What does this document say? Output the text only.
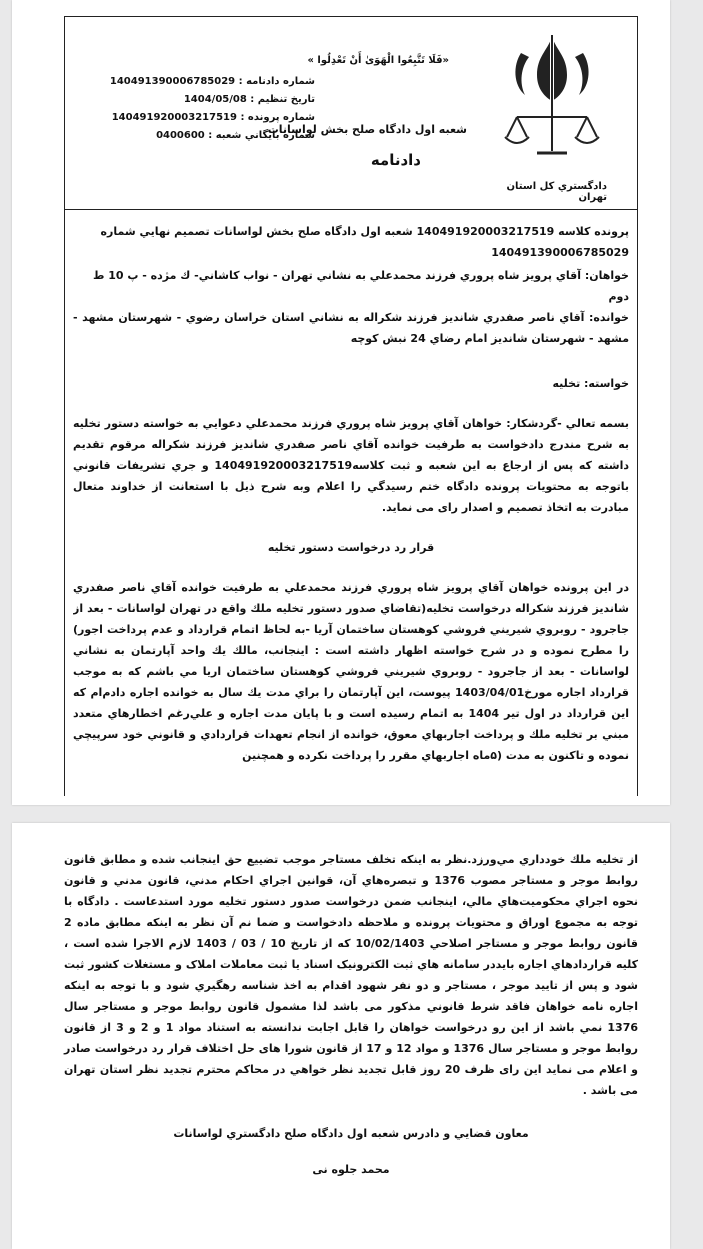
دادگستري کل استان تهران
«فَلَا تَتَّبِعُوا الْهَوَىٰ أَنْ تَعْدِلُوا »
شعبه اول دادگاه صلح بخش لواسانات
دادنامه
شماره دادنامه : 140491390006785029
تاريخ تنظيم : 1404/05/08
شماره پرونده : 140491920003217519
شماره بايگاني شعبه : 0400600
پرونده کلاسه 140491920003217519 شعبه اول دادگاه صلح بخش لواسانات تصميم نهايي شماره 140491390006785029
خواهان: آقاي پرويز شاه پروري فرزند محمدعلي به نشاني تهران - نواب کاشاني- ك مژده - پ 10 ط دوم
خوانده: آقاي ناصر صفدري شانديز فرزند شکراله به نشاني استان خراسان رضوي - شهرستان مشهد - مشهد - شهرستان شانديز امام رضاي 24 نبش کوچه
خواسته: تخليه
بسمه تعالي -گردشکار: خواهان آقاي پرويز شاه پروري فرزند محمدعلي دعوايي به خواسته دستور تخليه به شرح مندرج دادخواست به طرفيت خوانده آقاي ناصر صفدري شانديز فرزند شکراله مرقوم تقديم داشته که پس از ارجاع به اين شعبه و ثبت کلاسه140491920003217519 و جري تشريفات قانوني باتوجه به محتويات پرونده دادگاه ختم رسيدگي را اعلام وبه شرح ذيل با استعانت از خداوند متعال مبادرت به اتخاذ تصميم و اصدار راى مى نمايد.
قرار رد درخواست دستور تخليه
در اين پرونده خواهان آقاي پرويز شاه پروري فرزند محمدعلي به طرفيت خوانده آقاي ناصر صفدري شانديز فرزند شکراله درخواست تخليه(تقاضاي صدور دستور تخليه ملك واقع در تهران لواسانات - بعد از جاجرود - روبروي شيريني فروشي کوهستان ساختمان آريا -به لحاظ اتمام قرارداد و عدم پرداخت اجور) را مطرح نموده و در شرح خواسته اظهار داشته است : اينجانب، مالك يك واحد آپارتمان به نشاني لواسانات - بعد از جاجرود - روبروي شيريني فروشي كوهستان ساختمان اريا مي باشم كه به موجب قرارداد اجاره مورخ1403/04/01 پيوست، اين آپارتمان را براي مدت يك سال به خوانده اجاره دادم‌ام كه اين قرارداد در اول تير 1404 به اتمام رسيده است‌ و با پايان مدت اجاره و علي‌رغم اخطارهاي متعدد مبني بر تخليه ملك و پرداخت اجاربهاي معوق، خوانده از انجام تعهدات قراردادي و قانوني خود سرپيچي نموده و تاكنون به مدت (۵ماه اجاربهاي مقرر را پرداخت نكرده و همچنين
از تخليه ملك خودداري مي‌ورزد.نظر به اينكه تخلف مستاجر موجب تضييع حق اينجانب شده و مطابق قانون روابط موجر و مستاجر مصوب 1376 و تبصره‌هاي آن، قوانين اجراي احكام مدني، قانون مدني و قانون نحوه اجراي محكوميت‌هاي مالي، اينجانب ضمن درخواست صدور دستور تخليه مورد استدعاست . دادگاه با توجه به مجموع اوراق و محتويات پرونده و ملاحظه دادخواست و ضما نم آن نظر به اينکه مطابق ماده 2 قانون روابط موجر و مستاجر اصلاحي 10/02/1403 که از تاريخ 10 / 03 / 1403 لازم الاجرا شده است ، کليه قراردادهاي اجاره بايددر سامانه هاي ثبت الکترونيک اسناد يا ثبت معاملات املاک و مستغلات کشور ثبت شود و پس از تاييد موجر ، مستاجر و دو نفر شهود اقدام به اخذ شناسه رهگيري شود و با توجه به اينکه اجاره نامه خواهان فاقد شرط قانوني مذکور مى باشد لذا مشمول قانون روابط موجر و مستاجر سال 1376 نمي باشد از اين رو درخواست خواهان را قابل اجابت ندانسته به استناد مواد 1 و 2 و 3 از قانون روابط موجر و مستاجر سال 1376 و مواد 12 و 17 از قانون شورا هاى حل اختلاف قرار رد درخواست صادر و اعلام مى نمايد اين راى ظرف 20 روز قابل تجديد نظر خواهي در محاکم محترم تجديد نظر استان تهران مى باشد .
معاون قضايي و دادرس شعبه اول دادگاه صلح دادگستري لواسانات
محمد جلوه نى
